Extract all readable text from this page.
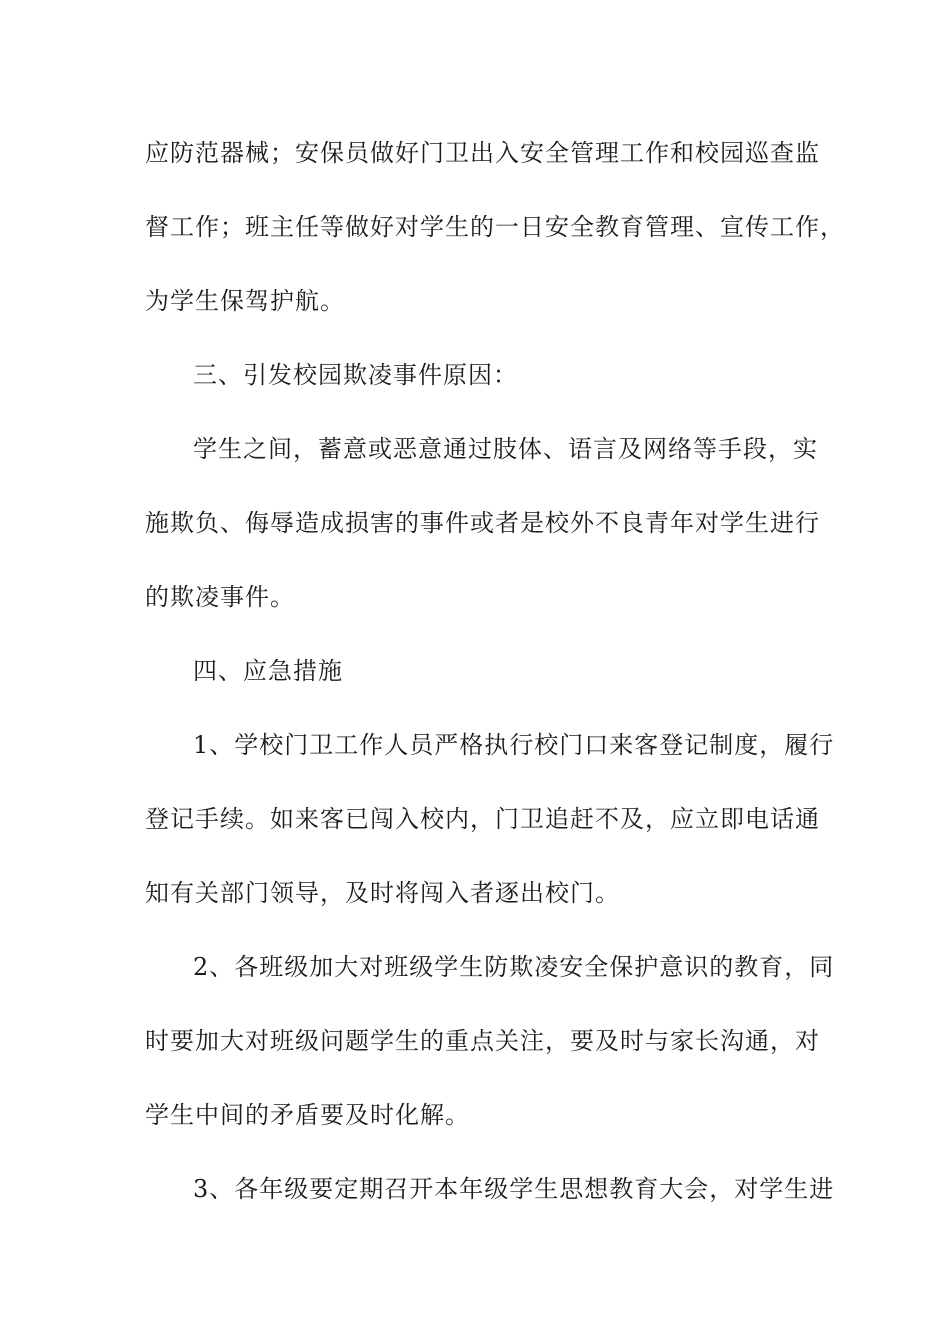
应防范器械；安保员做好门卫出入安全管理工作和校园巡查监
督工作；班主任等做好对学生的一日安全教育管理、宣传工作，
为学生保驾护航。
三、引发校园欺凌事件原因：
学生之间，蓄意或恶意通过肢体、语言及网络等手段，实
施欺负、侮辱造成损害的事件或者是校外不良青年对学生进行
的欺凌事件。
四、应急措施
1、学校门卫工作人员严格执行校门口来客登记制度，履行
登记手续。如来客已闯入校内，门卫追赶不及，应立即电话通
知有关部门领导，及时将闯入者逐出校门。
2、各班级加大对班级学生防欺凌安全保护意识的教育，同
时要加大对班级问题学生的重点关注，要及时与家长沟通，对
学生中间的矛盾要及时化解。
3、各年级要定期召开本年级学生思想教育大会，对学生进
